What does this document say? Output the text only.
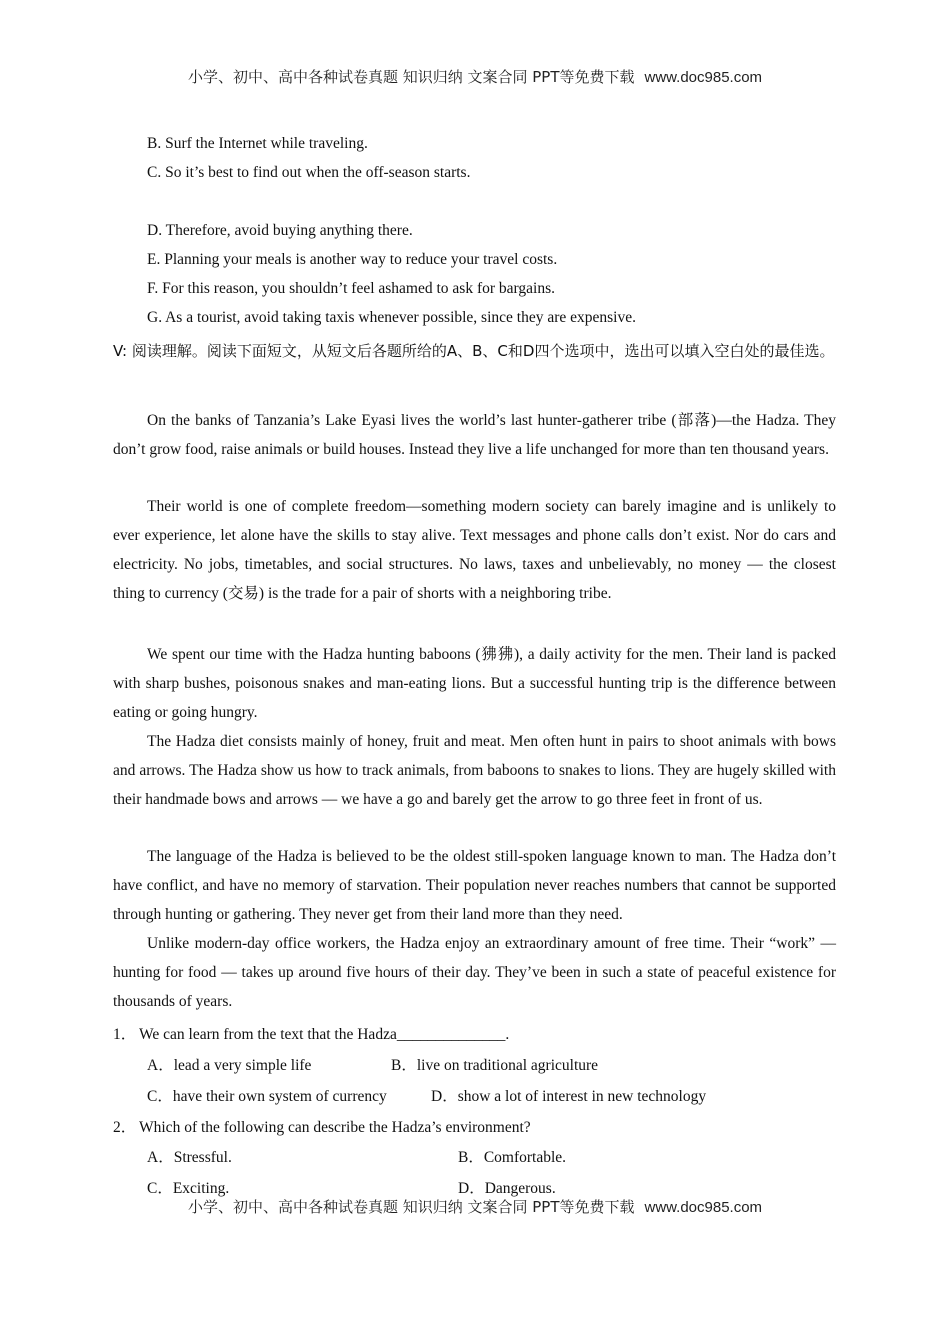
小学、初中、高中各种试卷真题 知识归纳 文案合同 PPT等免费下载 www.doc985.com
B. Surf the Internet while traveling.
C. So it’s best to find out when the off-season starts.
D. Therefore, avoid buying anything there.
E. Planning your meals is another way to reduce your travel costs.
F. For this reason, you shouldn’t feel ashamed to ask for bargains.
G. As a tourist, avoid taking taxis whenever possible, since they are expensive.
V: 阅读理解。阅读下面短文，从短文后各题所给的A、B、C和D四个选项中，选出可以填入空白处的最佳选。
On the banks of Tanzania’s Lake Eyasi lives the world’s last hunter-gatherer tribe (部落)—the Hadza. They don’t grow food, raise animals or build houses. Instead they live a life unchanged for more than ten thousand years.
Their world is one of complete freedom—something modern society can barely imagine and is unlikely to ever experience, let alone have the skills to stay alive. Text messages and phone calls don’t exist. Nor do cars and electricity. No jobs, timetables, and social structures. No laws, taxes and unbelievably, no money — the closest thing to currency (交易) is the trade for a pair of shorts with a neighboring tribe.
We spent our time with the Hadza hunting baboons (狒狒), a daily activity for the men. Their land is packed with sharp bushes, poisonous snakes and man-eating lions. But a successful hunting trip is the difference between eating or going hungry.
The Hadza diet consists mainly of honey, fruit and meat. Men often hunt in pairs to shoot animals with bows and arrows. The Hadza show us how to track animals, from baboons to snakes to lions. They are hugely skilled with their handmade bows and arrows — we have a go and barely get the arrow to go three feet in front of us.
The language of the Hadza is believed to be the oldest still-spoken language known to man. The Hadza don’t have conflict, and have no memory of starvation. Their population never reaches numbers that cannot be supported through hunting or gathering. They never get from their land more than they need.
Unlike modern-day office workers, the Hadza enjoy an extraordinary amount of free time. Their “work” — hunting for food — takes up around five hours of their day. They’ve been in such a state of peaceful existence for thousands of years.
1． We can learn from the text that the Hadza______________.
A．lead a very simple life	B．live on traditional agriculture
C．have their own system of currency	D．show a lot of interest in new technology
2． Which of the following can describe the Hadza’s environment?
A．Stressful.	B．Comfortable.
C．Exciting.	D．Dangerous.
小学、初中、高中各种试卷真题 知识归纳 文案合同 PPT等免费下载 www.doc985.com
